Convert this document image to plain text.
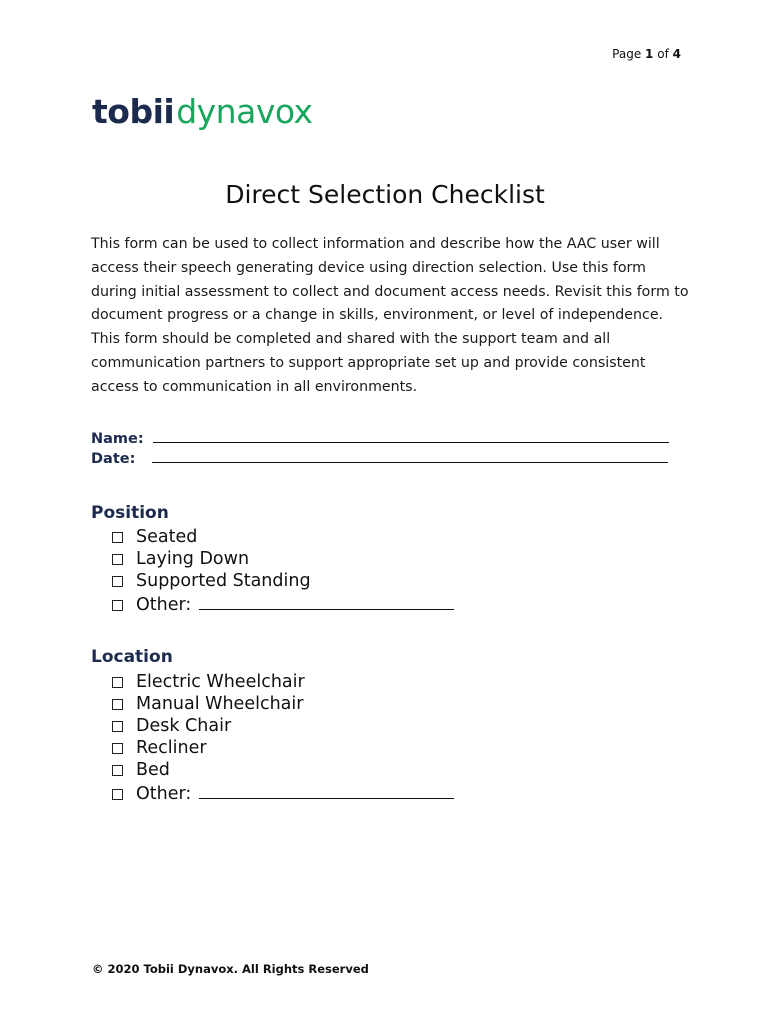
Page 1 of 4
tobiidynavox
Direct Selection Checklist

This form can be used to collect information and describe how the AAC user will access their speech generating device using direction selection. Use this form during initial assessment to collect and document access needs. Revisit this form to document progress or a change in skills, environment, or level of independence. This form should be completed and shared with the support team and all communication partners to support appropriate set up and provide consistent access to communication in all environments.

Name:
Date:
Position
Seated
Laying Down
Supported Standing
Other:
Location
Electric Wheelchair
Manual Wheelchair
Desk Chair
Recliner
Bed
Other:
© 2020 Tobii Dynavox. All Rights Reserved
